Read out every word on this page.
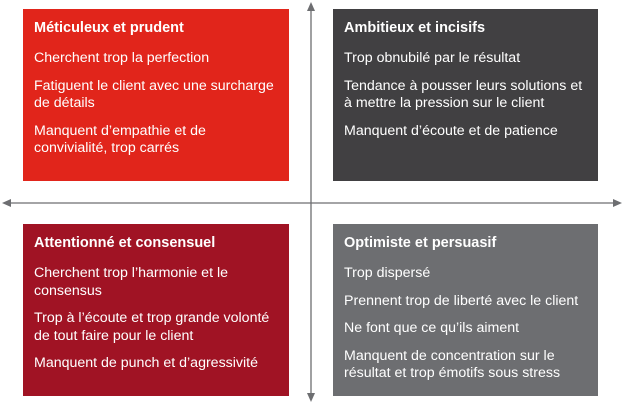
Méticuleux et prudent
Cherchent trop la perfection
Fatiguent le client avec une surcharge de détails
Manquent d’empathie et de convivialité, trop carrés
Ambitieux et incisifs
Trop obnubilé par le résultat
Tendance à pousser leurs solutions et à mettre la pression sur le client
Manquent d’écoute et de patience
Attentionné et consensuel
Cherchent trop l’harmonie et le consensus
Trop à l’écoute et trop grande volonté de tout faire pour le client
Manquent de punch et d’agressivité
Optimiste et persuasif
Trop dispersé
Prennent trop de liberté avec le client
Ne font que ce qu’ils aiment
Manquent de concentration sur le résultat et trop émotifs sous stress
